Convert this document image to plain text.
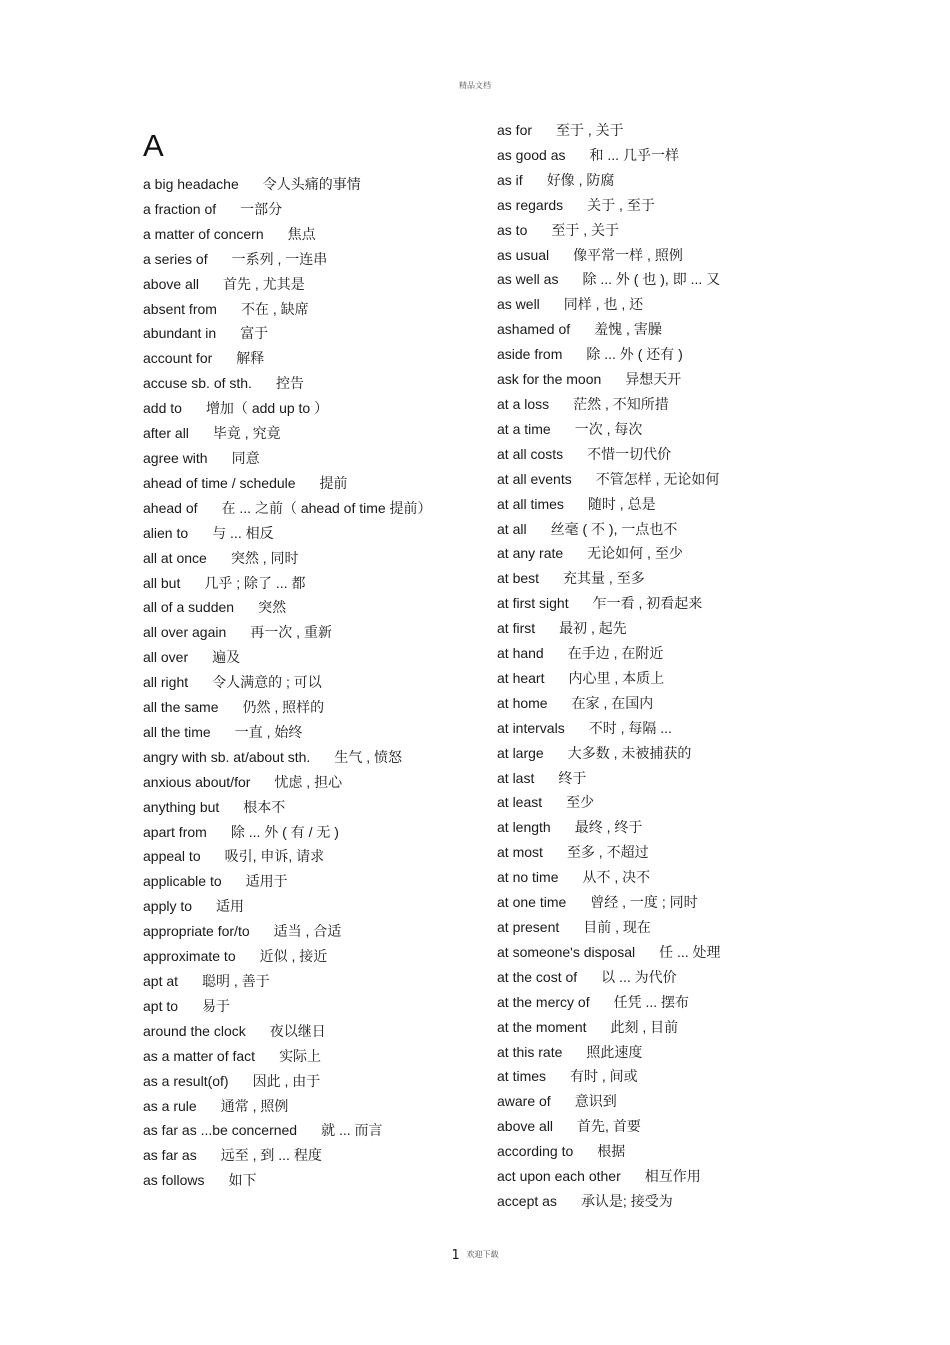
精品文档
A
a big headache 令人头痛的事情
a fraction of 一部分
a matter of concern 焦点
a series of 一系列 , 一连串
above all 首先 , 尤其是
absent from 不在 , 缺席
abundant in 富于
account for 解释
accuse sb. of sth. 控告
add to 增加（ add up to ）
after all 毕竟 , 究竟
agree with 同意
ahead of time / schedule 提前
ahead of 在 ... 之前（ ahead of time 提前）
alien to 与 ... 相反
all at once 突然 , 同时
all but 几乎 ; 除了 ... 都
all of a sudden 突然
all over again 再一次 , 重新
all over 遍及
all right 令人满意的 ; 可以
all the same 仍然 , 照样的
all the time 一直 , 始终
angry with sb. at/about sth. 生气 , 愤怒
anxious about/for 忧虑 , 担心
anything but 根本不
apart from 除 ... 外 ( 有 / 无 )
appeal to 吸引, 申诉, 请求
applicable to 适用于
apply to 适用
appropriate for/to 适当 , 合适
approximate to 近似 , 接近
apt at 聪明 , 善于
apt to 易于
around the clock 夜以继日
as a matter of fact 实际上
as a result(of) 因此 , 由于
as a rule 通常 , 照例
as far as ...be concerned 就 ... 而言
as far as 远至 , 到 ... 程度
as follows 如下
as for 至于 , 关于
as good as 和 ... 几乎一样
as if 好像 , 防腐
as regards 关于 , 至于
as to 至于 , 关于
as usual 像平常一样 , 照例
as well as 除 ... 外 ( 也 ), 即 ... 又
as well 同样 , 也 , 还
ashamed of 羞愧 , 害臊
aside from 除 ... 外 ( 还有 )
ask for the moon 异想天开
at a loss 茫然 , 不知所措
at a time 一次 , 每次
at all costs 不惜一切代价
at all events 不管怎样 , 无论如何
at all times 随时 , 总是
at all 丝毫 ( 不 ), 一点也不
at any rate 无论如何 , 至少
at best 充其量 , 至多
at first sight 乍一看 , 初看起来
at first 最初 , 起先
at hand 在手边 , 在附近
at heart 内心里 , 本质上
at home 在家 , 在国内
at intervals 不时 , 每隔 ...
at large 大多数 , 未被捕获的
at last 终于
at least 至少
at length 最终 , 终于
at most 至多 , 不超过
at no time 从不 , 决不
at one time 曾经 , 一度 ; 同时
at present 目前 , 现在
at someone's disposal 任 ... 处理
at the cost of 以 ... 为代价
at the mercy of 任凭 ... 摆布
at the moment 此刻 , 目前
at this rate 照此速度
at times 有时 , 间或
aware of 意识到
above all 首先, 首要
according to 根据
act upon each other 相互作用
accept as 承认是; 接受为
1 欢迎下载
